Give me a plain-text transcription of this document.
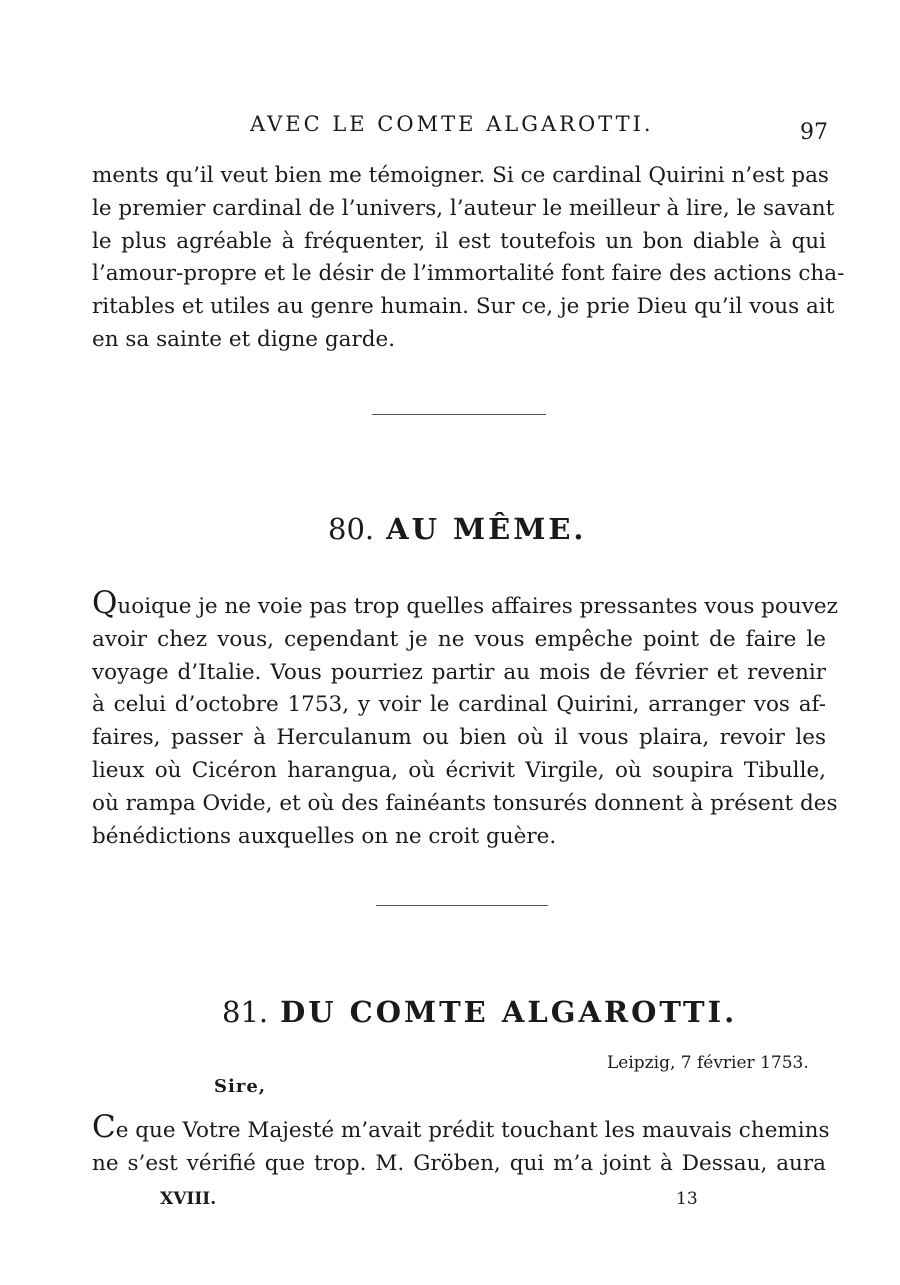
AVEC LE COMTE ALGAROTTI.	97
ments qu’il veut bien me témoigner. Si ce cardinal Quirini n’est pas
le premier cardinal de l’univers, l’auteur le meilleur à lire, le savant
le plus agréable à fréquenter, il est toutefois un bon diable à qui
l’amour-propre et le désir de l’immortalité font faire des actions cha-
ritables et utiles au genre humain. Sur ce, je prie Dieu qu’il vous ait
en sa sainte et digne garde.
80. AU MÊME.
Quoique je ne voie pas trop quelles affaires pressantes vous pouvez
avoir chez vous, cependant je ne vous empêche point de faire le
voyage d’Italie. Vous pourriez partir au mois de février et revenir
à celui d’octobre 1753, y voir le cardinal Quirini, arranger vos af-
faires, passer à Herculanum ou bien où il vous plaira, revoir les
lieux où Cicéron harangua, où écrivit Virgile, où soupira Tibulle,
où rampa Ovide, et où des fainéants tonsurés donnent à présent des
bénédictions auxquelles on ne croit guère.
81. DU COMTE ALGAROTTI.
Leipzig, 7 février 1753.
Sire,
Ce que Votre Majesté m’avait prédit touchant les mauvais chemins
ne s’est vérifié que trop. M. Gröben, qui m’a joint à Dessau, aura
XVIII.	13
